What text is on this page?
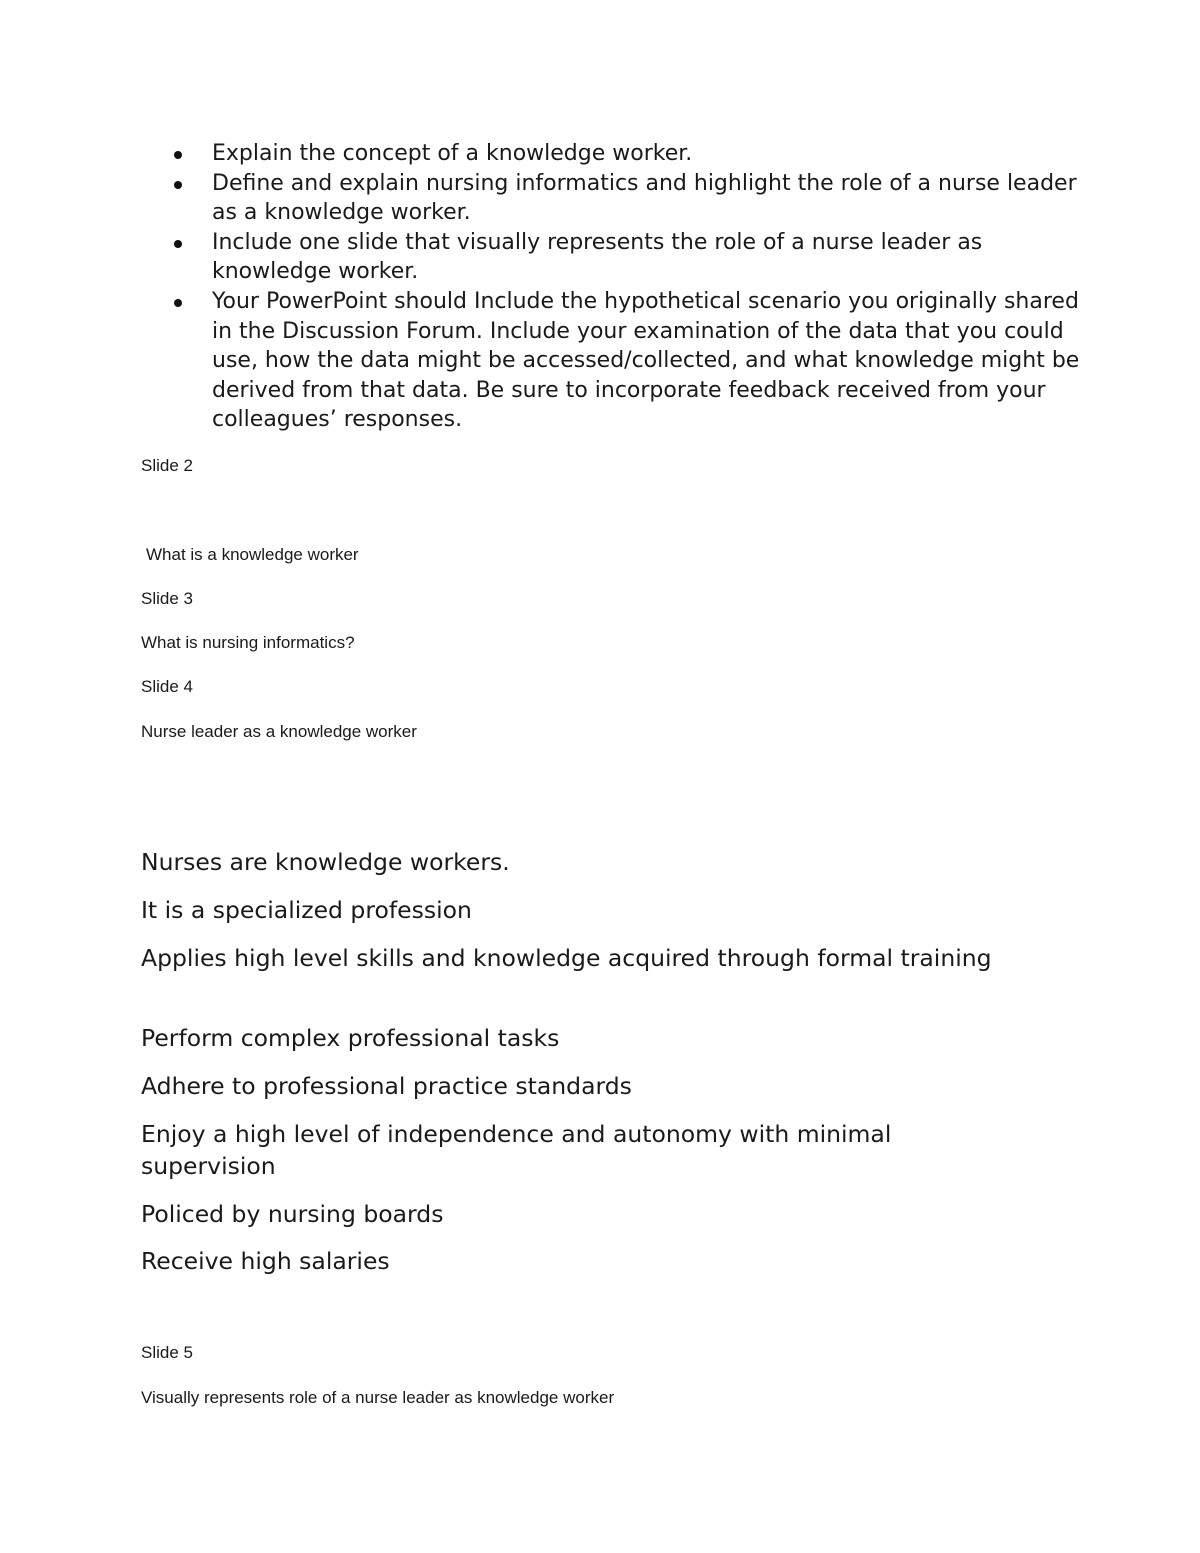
Explain the concept of a knowledge worker.
Define and explain nursing informatics and highlight the role of a nurse leader as a knowledge worker.
Include one slide that visually represents the role of a nurse leader as knowledge worker.
Your PowerPoint should Include the hypothetical scenario you originally shared in the Discussion Forum. Include your examination of the data that you could use, how the data might be accessed/collected, and what knowledge might be derived from that data. Be sure to incorporate feedback received from your colleagues’ responses.
Slide 2
What is a knowledge worker
Slide 3
What is nursing informatics?
Slide 4
Nurse leader as a knowledge worker
Nurses are knowledge workers.
It is a specialized profession
Applies high level skills and knowledge acquired through formal training
Perform complex professional tasks
Adhere to professional practice standards
Enjoy a high level of independence and autonomy with minimal supervision
Policed by nursing boards
Receive high salaries
Slide 5
Visually represents role of a nurse leader as knowledge worker
